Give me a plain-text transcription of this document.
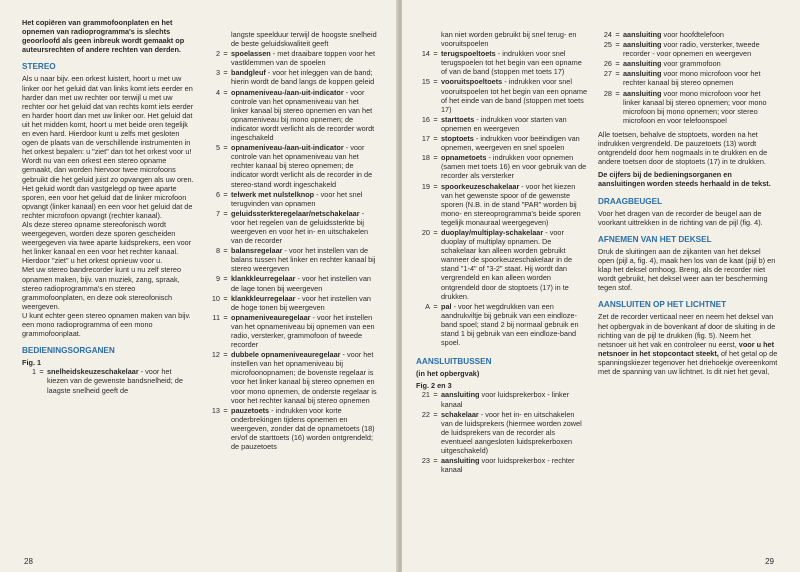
Het copiëren van grammofoonplaten en het opnemen van radioprogramma's is slechts geoorloofd als geen inbreuk wordt gemaakt op auteursrechten of andere rechten van derden.

STEREO

Als u naar bijv. een orkest luistert, hoort u met uw linker oor het geluid dat van links komt iets eerder en harder dan met uw rechter oor terwijl u met uw rechter oor het geluid dat van rechts komt iets eerder en harder hoort dan met uw linker oor. Het geluid dat uit het midden komt, hoort u met beide oren tegelijk en even hard. Hierdoor kunt u zelfs met gesloten ogen de plaats van de verschillende instrumenten in het orkest bepalen: u "ziet" dan tot het orkest voor u!

Wordt nu van een orkest een stereo opname gemaakt, dan worden hiervoor twee microfoons gebruikt die het geluid juist zo opvangen als uw oren. Het geluid wordt dan vastgelegd op twee aparte sporen, een voor het geluid dat de linker microfoon opvangt (linker kanaal) en een voor het geluid dat de rechter microfoon opvangt (rechter kanaal).

Als deze stereo opname stereofonisch wordt weergegeven, worden deze sporen gescheiden weergegeven via twee aparte luidsprekers, een voor het linker kanaal en een voor het rechter kanaal. Hierdoor "ziet" u het orkest opnieuw voor u.

Met uw stereo bandrecorder kunt u nu zelf stereo opnamen maken, bijv. van muziek, zang, spraak, stereo radioprogramma's en stereo grammofoonplaten, en deze ook stereofonisch weergeven.

U kunt echter geen stereo opnamen maken van bijv. een mono radioprogramma of een mono grammofoonplaat.

BEDIENINGSORGANEN
Fig. 1
1 = snelheidskeuzeschakelaar - voor het kiezen van de gewenste bandsnelheid; de laagste snelheid geeft de
langste speelduur terwijl de hoogste snelheid de beste geluidskwaliteit geeft
2 = spoelassen - met draaibare toppen voor het vastklemmen van de spoelen
3 = bandgleuf - voor het inleggen van de band; hierin wordt de band langs de koppen geleid
4 = opnameniveau-/aan-uit-indicator - voor controle van het opnameniveau van het linker kanaal bij stereo opnemen en van het opnameniveau bij mono opnemen; de indicator wordt verlicht als de recorder wordt ingeschakeld
5 = opnameniveau-/aan-uit-indicator - voor controle van het opnameniveau van het rechter kanaal bij stereo opnemen; de indicator wordt verlicht als de recorder in de stereo-stand wordt ingeschakeld
6 = telwerk met nulstelknop - voor het snel terugvinden van opnamen
7 = geluidssterkteregelaar/netschakelaar - voor het regelen van de geluidssterkte bij weergeven en voor het in- en uitschakelen van de recorder
8 = balansregelaar - voor het instellen van de balans tussen het linker en rechter kanaal bij stereo weergeven
9 = klankkleurregelaar - voor het instellen van de lage tonen bij weergeven
10 = klankkleurregelaar - voor het instellen van de hoge tonen bij weergeven
11 = opnameniveauregelaar - voor het instellen van het opnameniveau bij opnemen van een radio, versterker, grammofoon of tweede recorder
12 = dubbele opnameniveauregelaar - voor het instellen van het opnameniveau bij microfoonopnamen; de bovenste regelaar is voor het linker kanaal bij stereo opnemen en voor mono opnemen, de onderste regelaar is voor het rechter kanaal bij stereo opnemen
13 = pauzetoets - indrukken voor korte onderbrekingen tijdens opnemen en weergeven, zonder dat de opnametoets (18) en/of de starttoets (16) worden ontgrendeld; de pauzetoets
28
kan niet worden gebruikt bij snel terug- en vooruitspoelen
14 = terugspoeltoets - indrukken voor snel terugspoelen tot het begin van een opname of van de band (stoppen met toets 17)
15 = vooruitspoeltoets - indrukken voor snel vooruitspoelen tot het begin van een opname of het einde van de band (stoppen met toets 17)
16 = starttoets - indrukken voor starten van opnemen en weergeven
17 = stoptoets - indrukken voor beëindigen van opnemen, weergeven en snel spoelen
18 = opnametoets - indrukken voor opnemen (samen met toets 16) en voor gebruik van de recorder als versterker
19 = spoorkeuzeschakelaar - voor het kiezen van het gewenste spoor of de gewenste sporen (N.B. in de stand "PAR" worden bij mono- en stereoprogramma's beide sporen tegelijk monauraal weergegeven)
20 = duoplay/multiplay-schakelaar - voor duoplay of multiplay opnamen. De schakelaar kan alleen worden gebruikt wanneer de spoorkeuzeschakelaar in de stand "1-4" of "3-2" staat. Hij wordt dan vergrendeld en kan alleen worden ontgrendeld door de stoptoets (17) in te drukken.
A = pal - voor het wegdrukken van een aandrukviltje bij gebruik van een eindloze-band spoel; stand 2 bij normaal gebruik en stand 1 bij gebruik van een eindloze-band spoel.
AANSLUITBUSSEN
(in het opbergvak)
Fig. 2 en 3
21 = aansluiting voor luidsprekerbox - linker kanaal
22 = schakelaar - voor het in- en uitschakelen van de luidsprekers (hiermee worden zowel de luidsprekers van de recorder als eventueel aangesloten luidsprekerboxen uitgeschakeld)
23 = aansluiting voor luidsprekerbox - rechter kanaal
24 = aansluiting voor hoofdtelefoon
25 = aansluiting voor radio, versterker, tweede recorder - voor opnemen en weergeven
26 = aansluiting voor grammofoon
27 = aansluiting voor mono microfoon voor het rechter kanaal bij stereo opnemen
28 = aansluiting voor mono microfoon voor het linker kanaal bij stereo opnemen; voor mono microfoon bij mono opnemen; voor stereo microfoon en voor telefoonspoel

Alle toetsen, behalve de stoptoets, worden na het indrukken vergrendeld. De pauzetoets (13) wordt ontgrendeld door hem nogmaals in te drukken en de andere toetsen door de stoptoets (17) in te drukken.

De cijfers bij de bedieningsorganen en aansluitingen worden steeds herhaald in de tekst.

DRAAGBEUGEL

Voor het dragen van de recorder de beugel aan de voorkant uittrekken in de richting van de pijl (fig. 4).

AFNEMEN VAN HET DEKSEL

Druk de sluitingen aan de zijkanten van het deksel open (pijl a, fig. 4), maak hen los van de kaat (pijl b) en klap het deksel omhoog. Breng, als de recorder niet wordt gebruikt, het deksel weer aan ter bescherming tegen stof.

AANSLUITEN OP HET LICHTNET

Zet de recorder verticaal neer en neem het deksel van het opbergvak in de bovenkant af door de sluiting in de richting van de pijl te drukken (fig. 5). Neem het netsnoer uit het vak en controleer nu eerst, voor u het netsnoer in het stopcontact steekt, of het getal op de spanningskiezer tegenover het driehoekje overeenkomt met de spanning van uw lichtnet. Is dit niet het geval,

29
